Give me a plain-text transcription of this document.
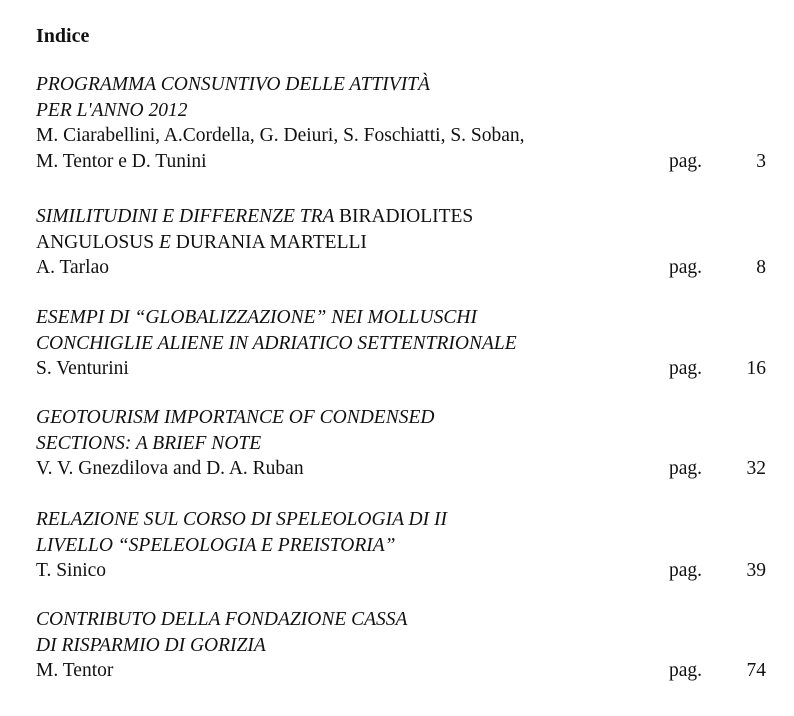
Indice
PROGRAMMA CONSUNTIVO DELLE ATTIVITÀ
PER L'ANNO 2012
M. Ciarabellini, A.Cordella, G. Deiuri, S. Foschiatti, S. Soban,
M. Tentor e D. Tunini	pag.	3
SIMILITUDINI E DIFFERENZE TRA BIRADIOLITES
ANGULOSUS E DURANIA MARTELLI
A. Tarlao	pag.	8
ESEMPI DI “GLOBALIZZAZIONE” NEI MOLLUSCHI
CONCHIGLIE ALIENE IN ADRIATICO SETTENTRIONALE
S. Venturini	pag. 16
GEOTOURISM IMPORTANCE OF CONDENSED
SECTIONS: A BRIEF NOTE
V. V. Gnezdilova and D. A. Ruban	pag. 32
RELAZIONE SUL CORSO DI SPELEOLOGIA DI II
LIVELLO “SPELEOLOGIA E PREISTORIA”
T. Sinico	pag. 39
CONTRIBUTO DELLA FONDAZIONE CASSA
DI RISPARMIO DI GORIZIA
M. Tentor	pag. 74
